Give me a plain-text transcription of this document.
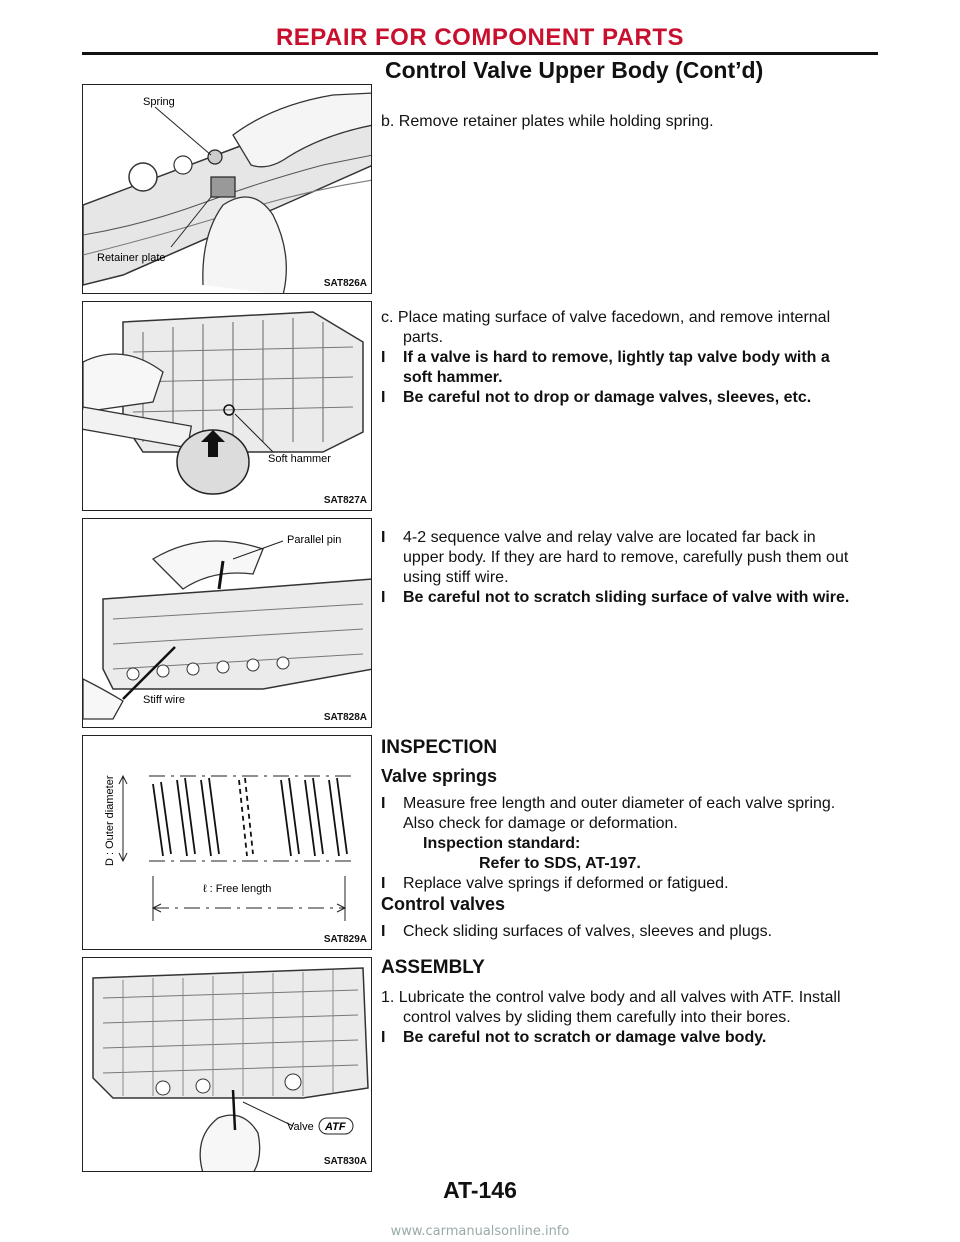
REPAIR FOR COMPONENT PARTS
Control Valve Upper Body (Cont’d)
Spring
Retainer plate
SAT826A
Soft hammer
SAT827A
Parallel pin
Stiff wire
SAT828A
D : Outer diameter
ℓ : Free length
SAT829A
Valve ATF
SAT830A

b. Remove retainer plates while holding spring.

c. Place mating surface of valve facedown, and remove internal

parts.

I If a valve is hard to remove, lightly tap valve body with a

soft hammer.

I Be careful not to drop or damage valves, sleeves, etc.

I 4-2 sequence valve and relay valve are located far back in

upper body. If they are hard to remove, carefully push them out

using stiff wire.

I Be careful not to scratch sliding surface of valve with wire.

INSPECTION

Valve springs

I Measure free length and outer diameter of each valve spring.

Also check for damage or deformation.

Inspection standard:

Refer to SDS, AT-197.

I Replace valve springs if deformed or fatigued.

Control valves

I Check sliding surfaces of valves, sleeves and plugs.

ASSEMBLY

1. Lubricate the control valve body and all valves with ATF. Install

control valves by sliding them carefully into their bores.

I Be careful not to scratch or damage valve body.

AT-146
www.carmanualsonline.info
